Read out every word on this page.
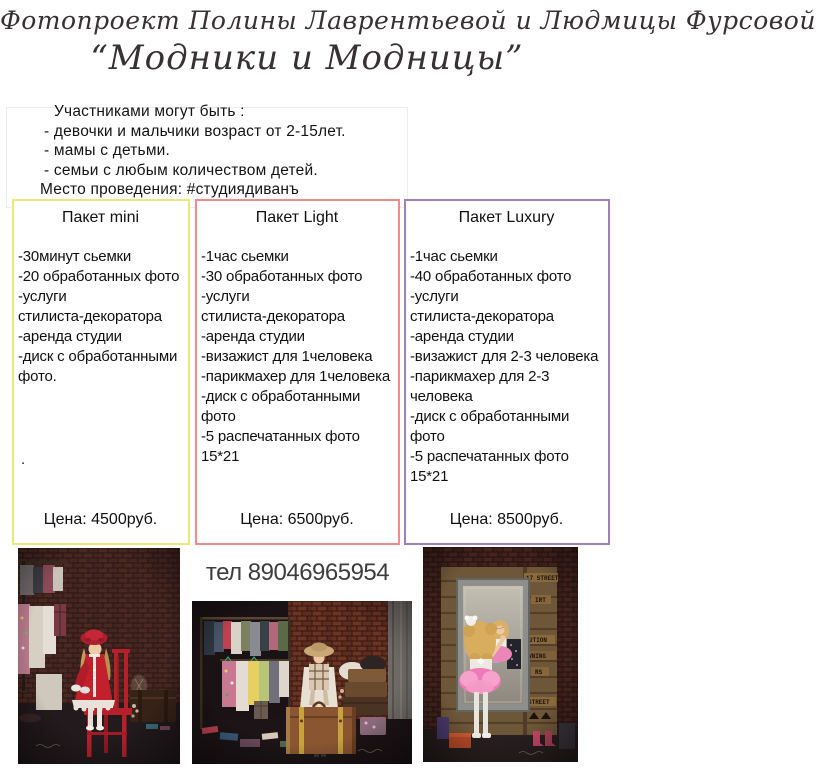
Фотопроект Полины Лаврентьевой и Людмицы Фурсовой
“Модники и Модницы”
Участниками могут быть :
- девочки и мальчики возраст от 2-15лет.
- мамы с детьми.
- семьи с любым количеством детей.
Место проведения: #студиядиванъ
Пакет mini
-30минут сьемки
-20 обработанных фото
-услуги
стилиста-декоратора
-аренда студии
-диск с обработанными
фото.
.
Цена: 4500руб.
Пакет Light
-1час сьемки
-30 обработанных фото
-услуги
стилиста-декоратора
-аренда студии
-визажист для 1человека
-парикмахер для 1человека
-диск с обработанными
фото
-5 распечатанных фото
15*21
Цена: 6500руб.
Пакет Luxury
-1час сьемки
-40 обработанных фото
-услуги
стилиста-декоратора
-аренда студии
-визажист для 2-3 человека
-парикмахер для 2-3
человека
-диск с обработанными
фото
-5 распечатанных фото
15*21
Цена: 8500руб.
тел 89046965954
